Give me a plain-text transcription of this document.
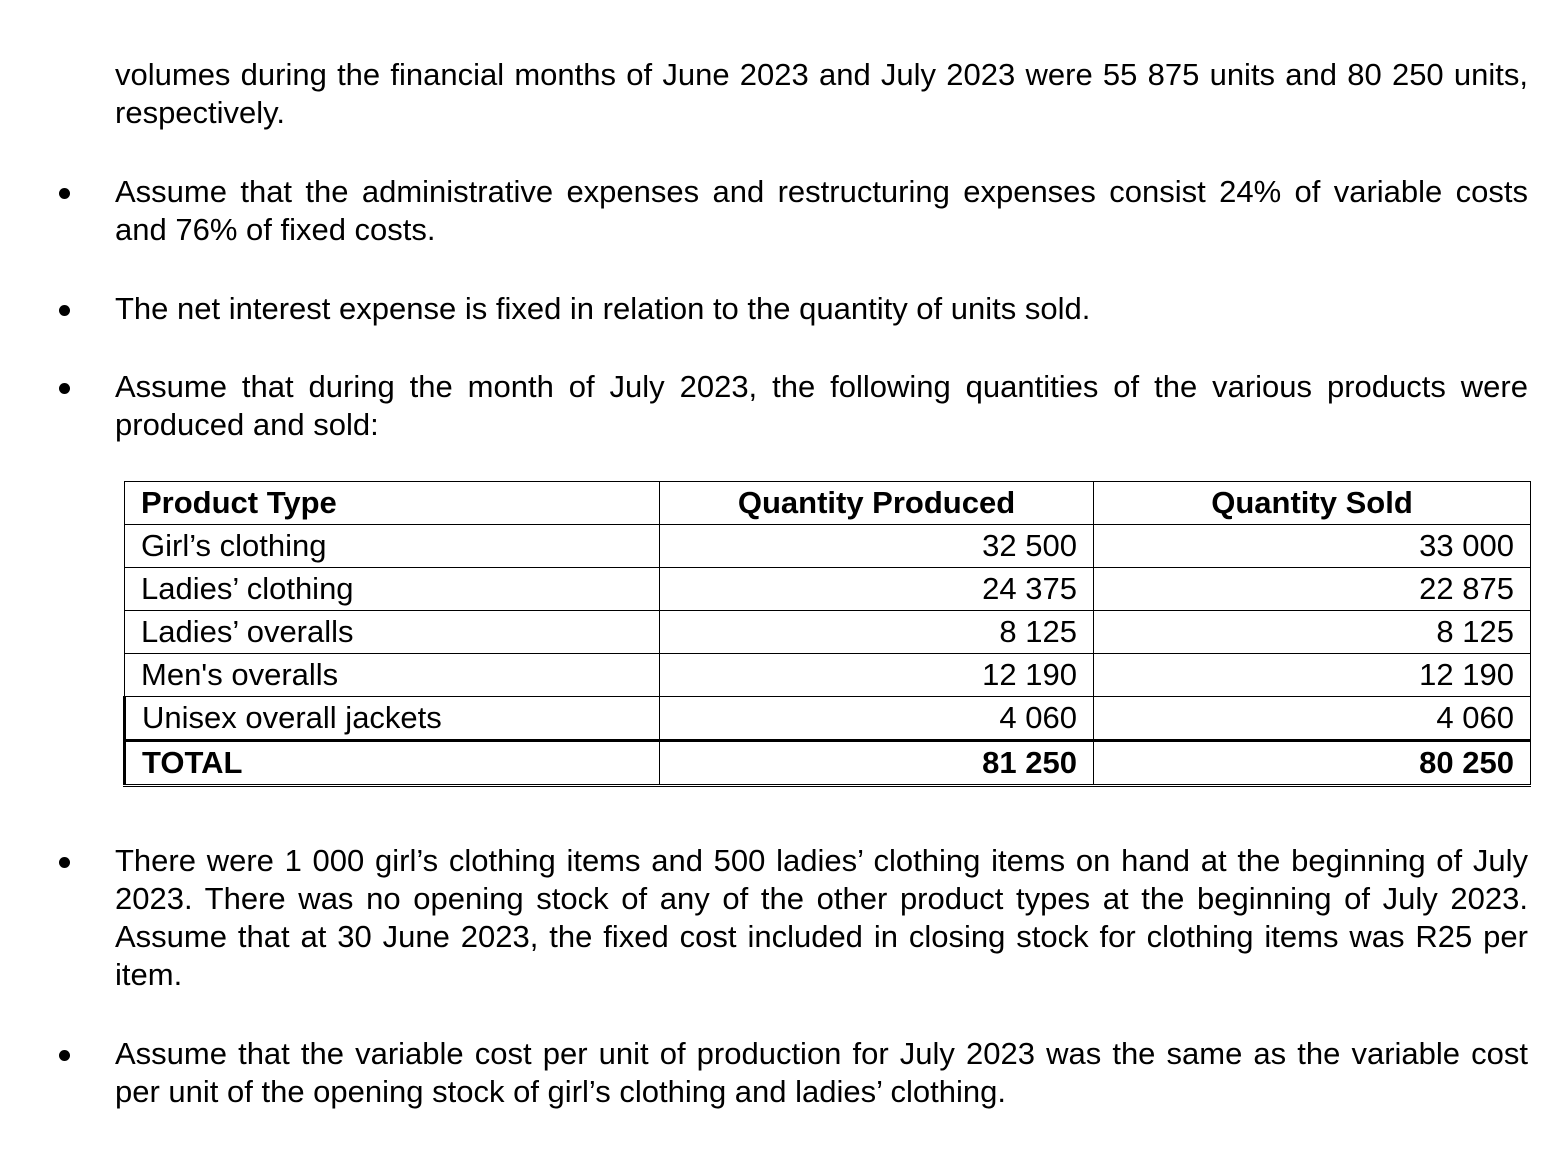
volumes during the financial months of June 2023 and July 2023 were 55 875 units and 80 250 units, respectively.
Assume that the administrative expenses and restructuring expenses consist 24% of variable costs and 76% of fixed costs.
The net interest expense is fixed in relation to the quantity of units sold.
Assume that during the month of July 2023, the following quantities of the various products were produced and sold:
Product Type	Quantity Produced	Quantity Sold
Girl’s clothing	32 500	33 000
Ladies’ clothing	24 375	22 875
Ladies’ overalls	8 125	8 125
Men's overalls	12 190	12 190
Unisex overall jackets	4 060	4 060
TOTAL	81 250	80 250
There were 1 000 girl’s clothing items and 500 ladies’ clothing items on hand at the beginning of July 2023. There was no opening stock of any of the other product types at the beginning of July 2023. Assume that at 30 June 2023, the fixed cost included in closing stock for clothing items was R25 per item.
Assume that the variable cost per unit of production for July 2023 was the same as the variable cost per unit of the opening stock of girl’s clothing and ladies’ clothing.
